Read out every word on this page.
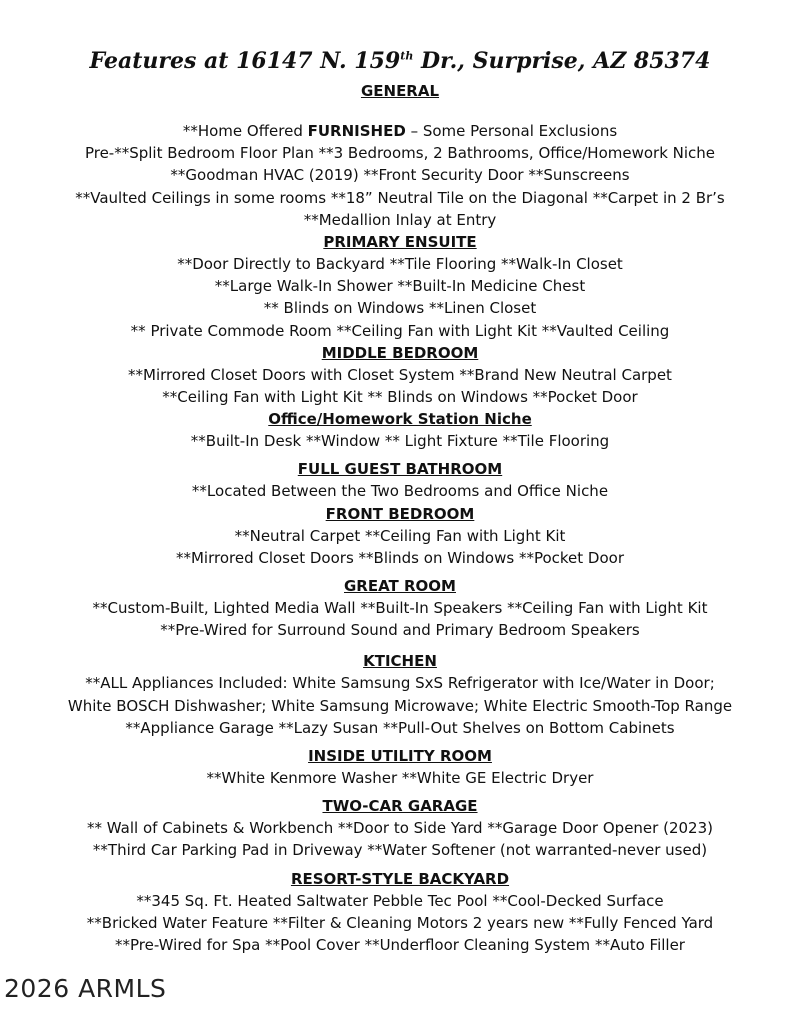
Features at 16147 N. 159th Dr., Surprise, AZ 85374
GENERAL
**Home Offered FURNISHED – Some Personal Exclusions
Pre-**Split Bedroom Floor Plan **3 Bedrooms, 2 Bathrooms, Office/Homework Niche
**Goodman HVAC (2019) **Front Security Door **Sunscreens
**Vaulted Ceilings in some rooms **18” Neutral Tile on the Diagonal **Carpet in 2 Br’s
**Medallion Inlay at Entry
PRIMARY ENSUITE
**Door Directly to Backyard **Tile Flooring **Walk-In Closet
**Large Walk-In Shower **Built-In Medicine Chest
** Blinds on Windows **Linen Closet
** Private Commode Room **Ceiling Fan with Light Kit **Vaulted Ceiling
MIDDLE BEDROOM
**Mirrored Closet Doors with Closet System **Brand New Neutral Carpet
**Ceiling Fan with Light Kit ** Blinds on Windows **Pocket Door
Office/Homework Station Niche
**Built-In Desk **Window ** Light Fixture **Tile Flooring
FULL GUEST BATHROOM
**Located Between the Two Bedrooms and Office Niche
FRONT BEDROOM
**Neutral Carpet **Ceiling Fan with Light Kit
**Mirrored Closet Doors **Blinds on Windows **Pocket Door
GREAT ROOM
**Custom-Built, Lighted Media Wall **Built-In Speakers **Ceiling Fan with Light Kit
**Pre-Wired for Surround Sound and Primary Bedroom Speakers
KTICHEN
**ALL Appliances Included: White Samsung SxS Refrigerator with Ice/Water in Door;
White BOSCH Dishwasher; White Samsung Microwave; White Electric Smooth-Top Range
**Appliance Garage **Lazy Susan **Pull-Out Shelves on Bottom Cabinets
INSIDE UTILITY ROOM
**White Kenmore Washer **White GE Electric Dryer
TWO-CAR GARAGE
** Wall of Cabinets & Workbench **Door to Side Yard **Garage Door Opener (2023)
**Third Car Parking Pad in Driveway **Water Softener (not warranted-never used)
RESORT-STYLE BACKYARD
**345 Sq. Ft. Heated Saltwater Pebble Tec Pool **Cool-Decked Surface
**Bricked Water Feature **Filter & Cleaning Motors 2 years new **Fully Fenced Yard
**Pre-Wired for Spa **Pool Cover **Underfloor Cleaning System **Auto Filler
2026 ARMLS
